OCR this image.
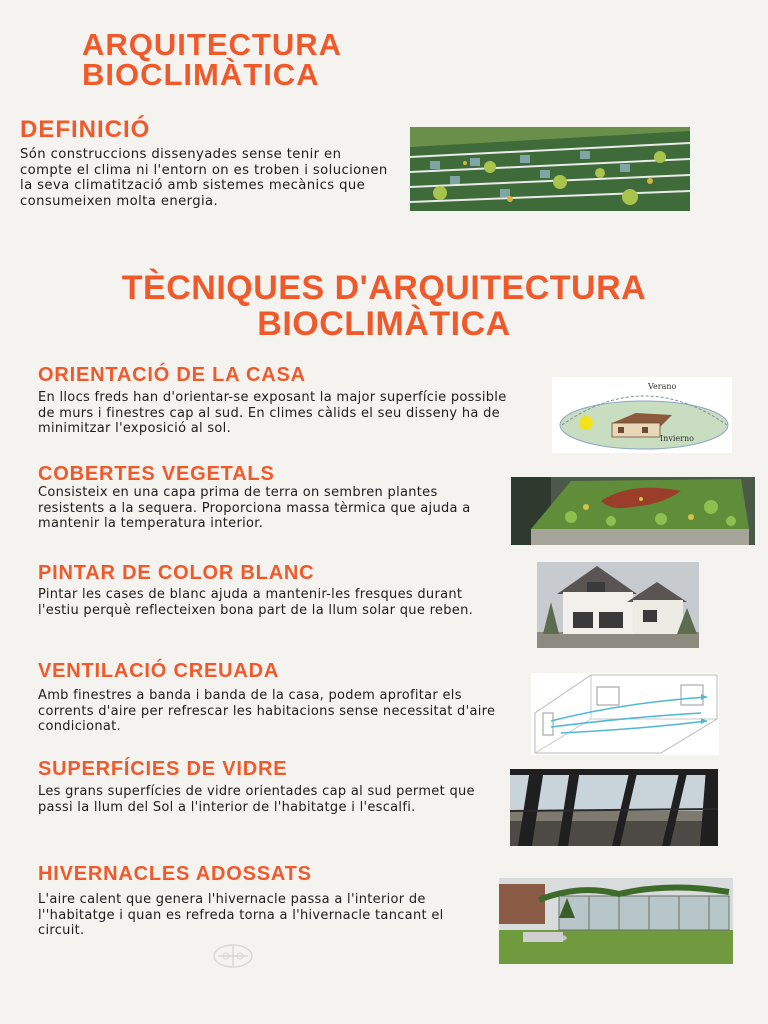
ARQUITECTURA
BIOCLIMÀTICA
DEFINICIÓ
Són construccions dissenyades sense tenir en compte el clima ni l'entorn on es troben i solucionen la seva climatització amb sistemes mecànics que consumeixen molta energia.
TÈCNIQUES D'ARQUITECTURA
BIOCLIMÀTICA
ORIENTACIÓ DE LA CASA
En llocs freds han d'orientar-se exposant la major superfície possible de murs i finestres cap al sud. En climes càlids el seu disseny ha de minimitzar l'exposició al sol.
Verano
Invierno
COBERTES VEGETALS
Consisteix en una capa prima de terra on sembren plantes resistents a la sequera. Proporciona massa tèrmica que ajuda a mantenir la temperatura interior.
PINTAR DE COLOR BLANC
Pintar les cases de blanc ajuda a mantenir-les fresques durant l'estiu perquè reflecteixen bona part de la llum solar que reben.
VENTILACIÓ CREUADA
Amb finestres a banda i banda de la casa, podem aprofitar els corrents d'aire per refrescar les habitacions sense necessitat d'aire condicionat.
SUPERFÍCIES DE VIDRE
Les grans superfícies de vidre orientades cap al sud permet que passi la llum del Sol a l'interior de l'habitatge i l'escalfi.
HIVERNACLES ADOSSATS
L'aire calent que genera l'hivernacle passa a l'interior de l''habitatge i quan es refreda torna a l'hivernacle tancant el circuit.
